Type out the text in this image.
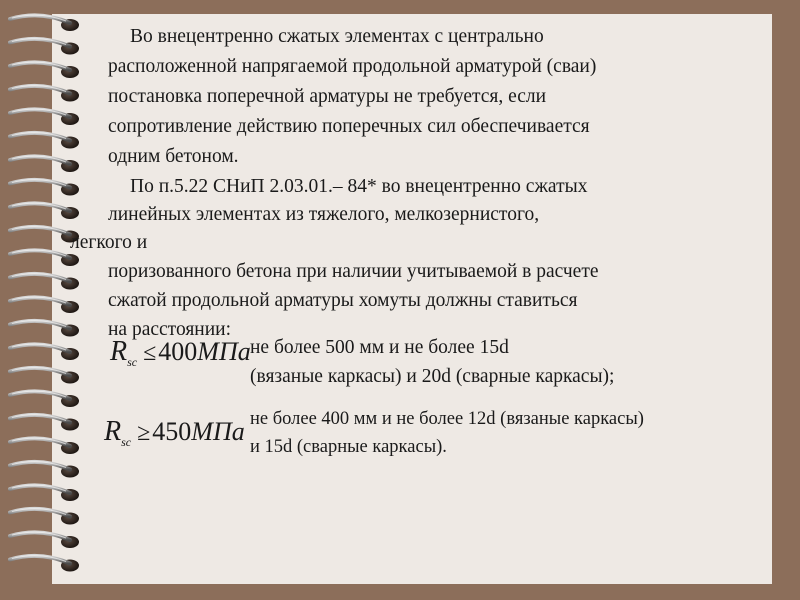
Во внецентренно сжатых элементах с центрально
расположенной напрягаемой продольной арматурой (сваи)
постановка поперечной арматуры не требуется, если
сопротивление действию поперечных сил обеспечивается
одним бетоном.
По п.5.22 СНиП 2.03.01.– 84* во внецентренно сжатых
линейных элементах из тяжелого, мелкозернистого,
легкого и
поризованного бетона при наличии учитываемой в расчете
сжатой продольной арматуры хомуты должны ставиться
на расстоянии:
$R_{sc} \le 400МПа$ не более 500 мм и не более 15d
(вязаные каркасы) и 20d (сварные каркасы);
$R_{sc} \ge 450МПа$ не более 400 мм и не более 12d (вязаные каркасы)
и 15d (сварные каркасы).
